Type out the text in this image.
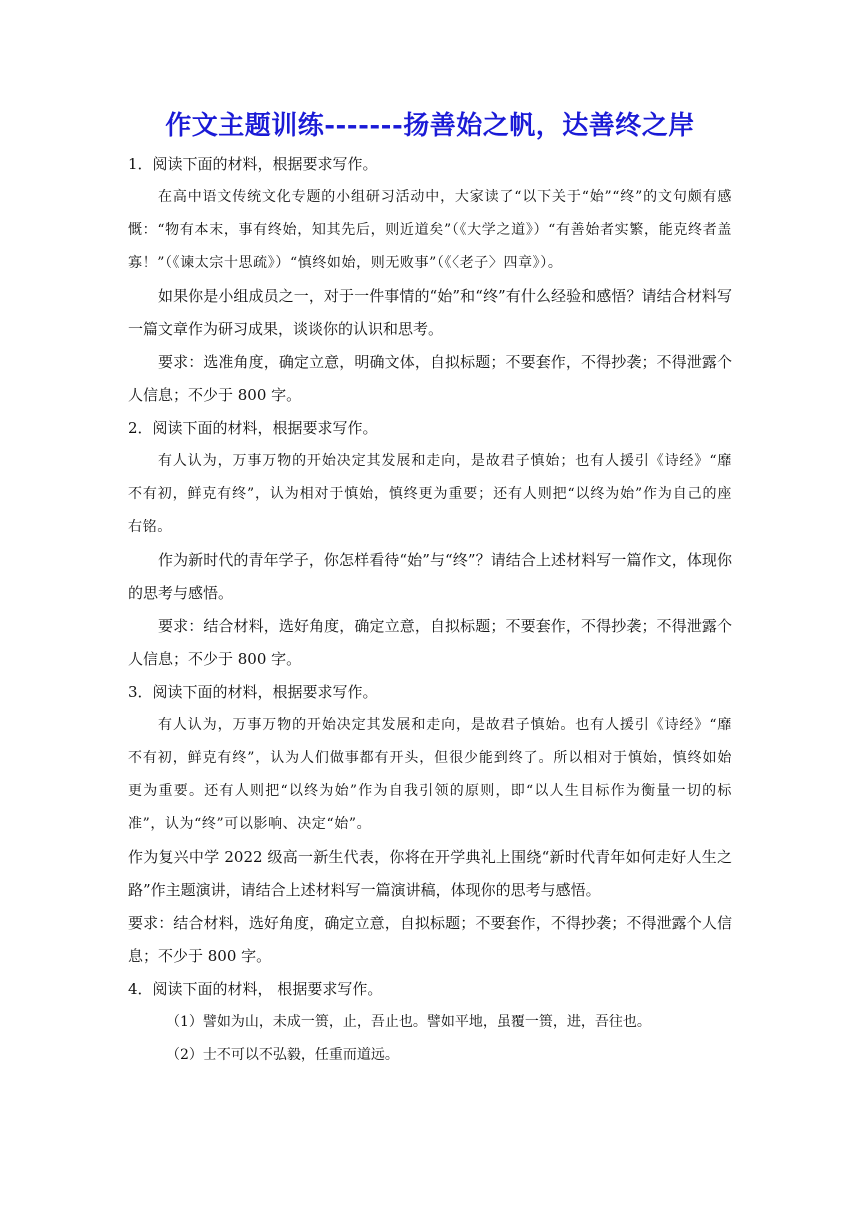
作文主题训练-------扬善始之帆，达善终之岸
1．阅读下面的材料，根据要求写作。
在高中语文传统文化专题的小组研习活动中，大家读了“以下关于“始”“终”的文句颇有感慨：“物有本末，事有终始，知其先后，则近道矣”（《大学之道》）“有善始者实繁，能克终者盖寡！”（《谏太宗十思疏》）“慎终如始，则无败事”（《〈老子〉四章》）。
如果你是小组成员之一，对于一件事情的“始”和“终”有什么经验和感悟？请结合材料写一篇文章作为研习成果，谈谈你的认识和思考。
要求：选准角度，确定立意，明确文体，自拟标题；不要套作，不得抄袭；不得泄露个人信息；不少于 800 字。
2．阅读下面的材料，根据要求写作。
有人认为，万事万物的开始决定其发展和走向，是故君子慎始；也有人援引《诗经》“靡不有初，鲜克有终”，认为相对于慎始，慎终更为重要；还有人则把“以终为始”作为自己的座右铭。
作为新时代的青年学子，你怎样看待“始”与“终”？请结合上述材料写一篇作文，体现你的思考与感悟。
要求：结合材料，选好角度，确定立意，自拟标题；不要套作，不得抄袭；不得泄露个人信息；不少于 800 字。
3．阅读下面的材料，根据要求写作。
有人认为，万事万物的开始决定其发展和走向，是故君子慎始。也有人援引《诗经》“靡不有初，鲜克有终”，认为人们做事都有开头，但很少能到终了。所以相对于慎始，慎终如始更为重要。还有人则把“以终为始”作为自我引领的原则，即“以人生目标作为衡量一切的标准”，认为“终”可以影响、决定“始”。
作为复兴中学 2022 级高一新生代表，你将在开学典礼上围绕“新时代青年如何走好人生之路”作主题演讲，请结合上述材料写一篇演讲稿，体现你的思考与感悟。
要求：结合材料，选好角度，确定立意，自拟标题；不要套作，不得抄袭；不得泄露个人信息；不少于 800 字。
4．阅读下面的材料， 根据要求写作。
（1）譬如为山，未成一篑，止，吾止也。譬如平地，虽覆一篑，进，吾往也。
（2）士不可以不弘毅，任重而道远。
